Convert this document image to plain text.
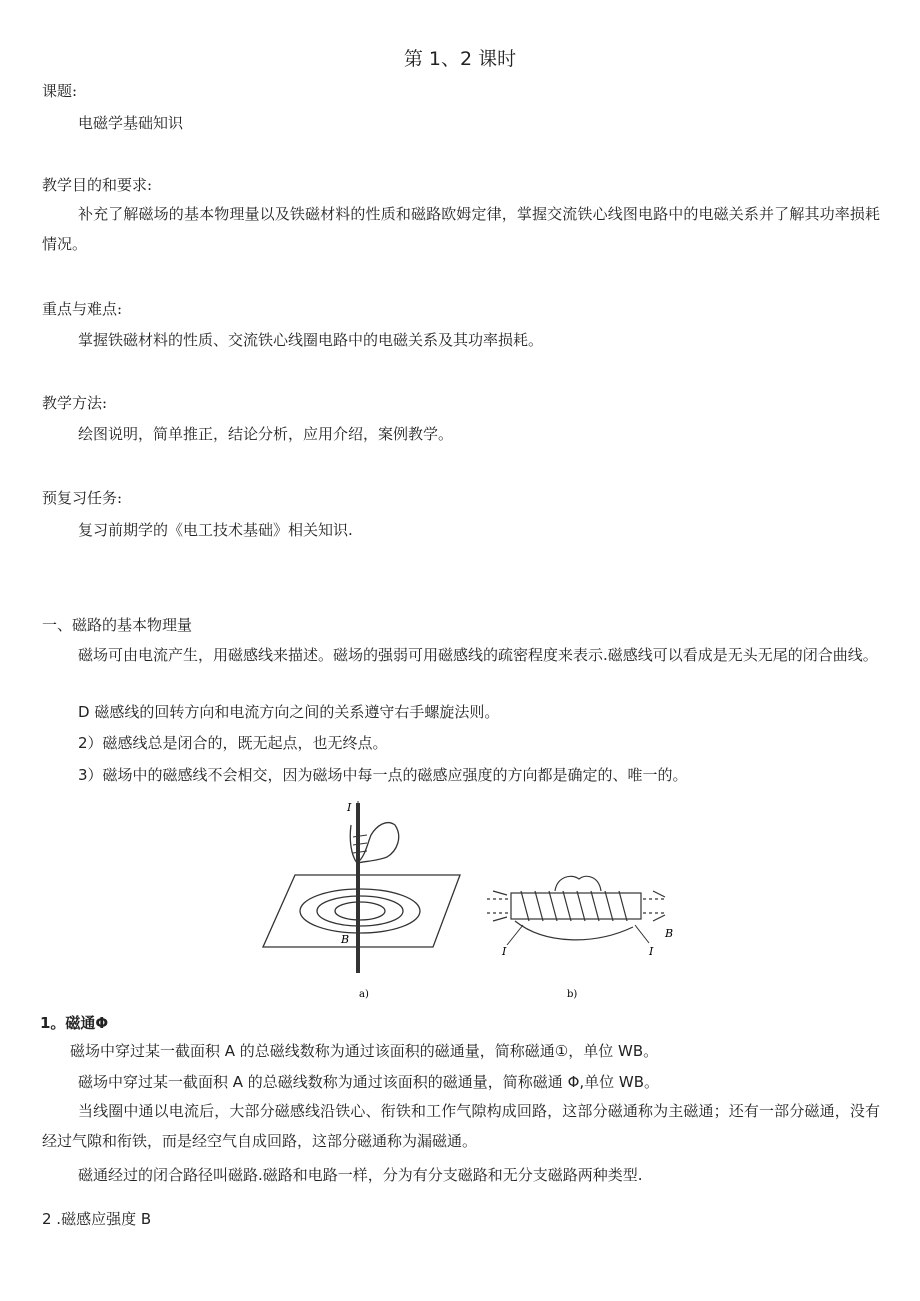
第 1、2 课时
课题:
电磁学基础知识
教学目的和要求:
补充了解磁场的基本物理量以及铁磁材料的性质和磁路欧姆定律，掌握交流铁心线图电路中的电磁关系并了解其功率损耗情况。
重点与难点:
掌握铁磁材料的性质、交流铁心线圈电路中的电磁关系及其功率损耗。
教学方法:
绘图说明，简单推正，结论分析，应用介绍，案例教学。
预复习任务:
复习前期学的《电工技术基础》相关知识.
一、磁路的基本物理量
磁场可由电流产生，用磁感线来描述。磁场的强弱可用磁感线的疏密程度来表示.磁感线可以看成是无头无尾的闭合曲线。
D 磁感线的回转方向和电流方向之间的关系遵守右手螺旋法则。
2）磁感线总是闭合的，既无起点，也无终点。
3）磁场中的磁感线不会相交，因为磁场中每一点的磁感应强度的方向都是确定的、唯一的。
I
B
a)
I	I
B
b)
1。磁通Φ
磁场中穿过某一截面积 A 的总磁线数称为通过该面积的磁通量，简称磁通①，单位 WB。
磁场中穿过某一截面积 A 的总磁线数称为通过该面积的磁通量，简称磁通 Φ,单位 WB。
当线圈中通以电流后，大部分磁感线沿铁心、衔铁和工作气隙构成回路，这部分磁通称为主磁通；还有一部分磁通，没有经过气隙和衔铁，而是经空气自成回路，这部分磁通称为漏磁通。
磁通经过的闭合路径叫磁路.磁路和电路一样，分为有分支磁路和无分支磁路两种类型.
2 .磁感应强度 B
